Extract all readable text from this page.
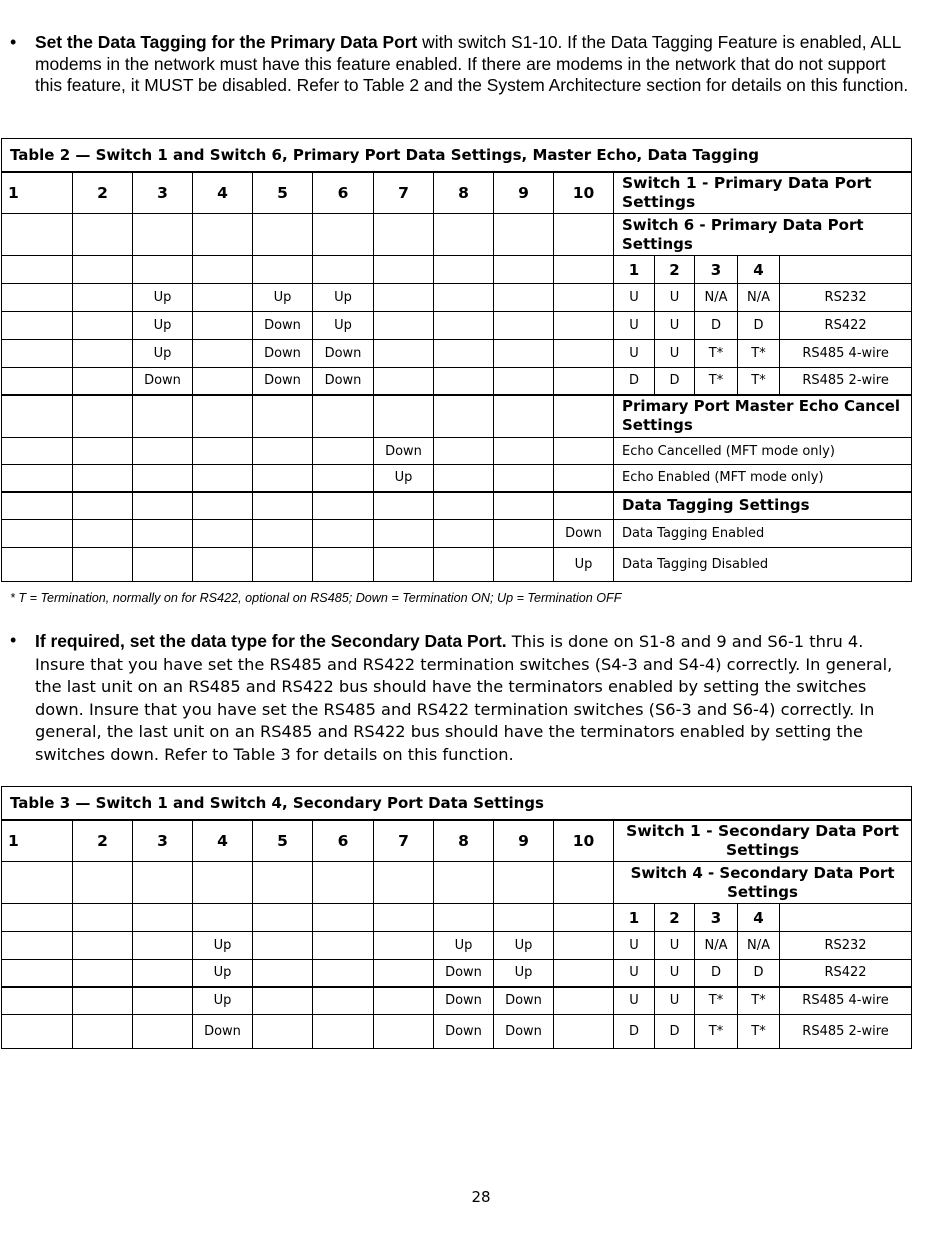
• Set the Data Tagging for the Primary Data Port with switch S1-10. If the Data Tagging Feature is enabled, ALL modems in the network must have this feature enabled. If there are modems in the network that do not support this feature, it MUST be disabled. Refer to Table 2 and the System Architecture section for details on this function.
Table 2 — Switch 1 and Switch 6, Primary Port Data Settings, Master Echo, Data Tagging														
1	2	3	4	5	6	7	8	9	10	Switch 1 - Primary Data Port Settings				
										Switch 6 - Primary Data Port Settings				
										1	2	3	4	
		Up		Up	Up					U	U	N/A	N/A	RS232
		Up		Down	Up					U	U	D	D	RS422
		Up		Down	Down					U	U	T*	T*	RS485 4-wire
		Down		Down	Down					D	D	T*	T*	RS485 2-wire
										Primary Port Master Echo Cancel Settings				
						Down				Echo Cancelled (MFT mode only)				
						Up				Echo Enabled (MFT mode only)				
										Data Tagging Settings				
									Down	Data Tagging Enabled				
									Up	Data Tagging Disabled				
* T = Termination, normally on for RS422, optional on RS485; Down = Termination ON; Up = Termination OFF
• If required, set the data type for the Secondary Data Port. This is done on S1-8 and 9 and S6-1 thru 4. Insure that you have set the RS485 and RS422 termination switches (S4-3 and S4-4) correctly. In general, the last unit on an RS485 and RS422 bus should have the terminators enabled by setting the switches down. Insure that you have set the RS485 and RS422 termination switches (S6-3 and S6-4) correctly. In general, the last unit on an RS485 and RS422 bus should have the terminators enabled by setting the switches down. Refer to Table 3 for details on this function.
Table 3 — Switch 1 and Switch 4, Secondary Port Data Settings														
1	2	3	4	5	6	7	8	9	10	Switch 1 - Secondary Data Port Settings				
										Switch 4 - Secondary Data Port Settings				
										1	2	3	4	
			Up				Up	Up		U	U	N/A	N/A	RS232
			Up				Down	Up		U	U	D	D	RS422
			Up				Down	Down		U	U	T*	T*	RS485 4-wire
			Down				Down	Down		D	D	T*	T*	RS485 2-wire
28
